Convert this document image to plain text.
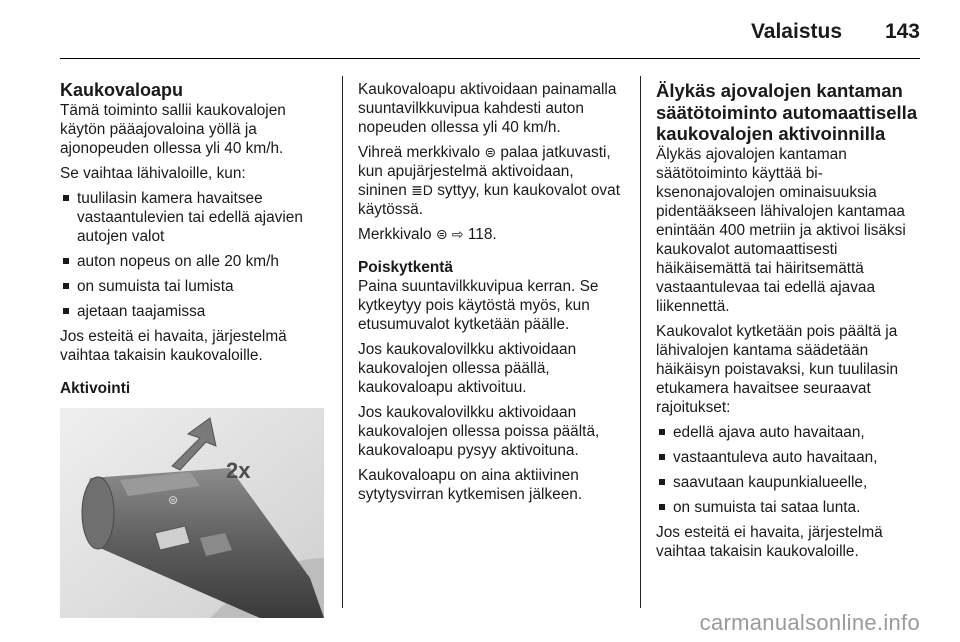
Valaistus 143
Kaukovaloapu

Tämä toiminto sallii kaukovalojen käytön pääajovaloina yöllä ja ajonopeuden ollessa yli 40 km/h.

Se vaihtaa lähivaloille, kun:

tuulilasin kamera havaitsee vastaantulevien tai edellä ajavien autojen valot
auton nopeus on alle 20 km/h
on sumuista tai lumista
ajetaan taajamissa

Jos esteitä ei havaita, järjestelmä vaihtaa takaisin kaukovaloille.

Aktivointi
⊜
2x

Kaukovaloapu aktivoidaan painamalla suuntavilkkuvipua kahdesti auton nopeuden ollessa yli 40 km/h.

Vihreä merkkivalo ⊜ palaa jatkuvasti, kun apujärjestelmä aktivoidaan, sininen ≣D syttyy, kun kaukovalot ovat käytössä.

Merkkivalo ⊜ ⇨ 118.

Poiskytkentä

Paina suuntavilkkuvipua kerran. Se kytkeytyy pois käytöstä myös, kun etusumuvalot kytketään päälle.

Jos kaukovalovilkku aktivoidaan kaukovalojen ollessa päällä, kaukovaloapu aktivoituu.

Jos kaukovalovilkku aktivoidaan kaukovalojen ollessa poissa päältä, kaukovaloapu pysyy aktivoituna.

Kaukovaloapu on aina aktiivinen sytytysvirran kytkemisen jälkeen.

Älykäs ajovalojen kantaman säätötoiminto automaattisella kaukovalojen aktivoinnilla

Älykäs ajovalojen kantaman säätötoiminto käyttää bi-ksenonajovalojen ominaisuuksia pidentääkseen lähivalojen kantamaa enintään 400 metriin ja aktivoi lisäksi kaukovalot automaattisesti häikäisemättä tai häiritsemättä vastaantulevaa tai edellä ajavaa liikennettä.

Kaukovalot kytketään pois päältä ja lähivalojen kantama säädetään häikäisyn poistavaksi, kun tuulilasin etukamera havaitsee seuraavat rajoitukset:

edellä ajava auto havaitaan,
vastaantuleva auto havaitaan,
saavutaan kaupunkialueelle,
on sumuista tai sataa lunta.

Jos esteitä ei havaita, järjestelmä vaihtaa takaisin kaukovaloille.

carmanualsonline.info
